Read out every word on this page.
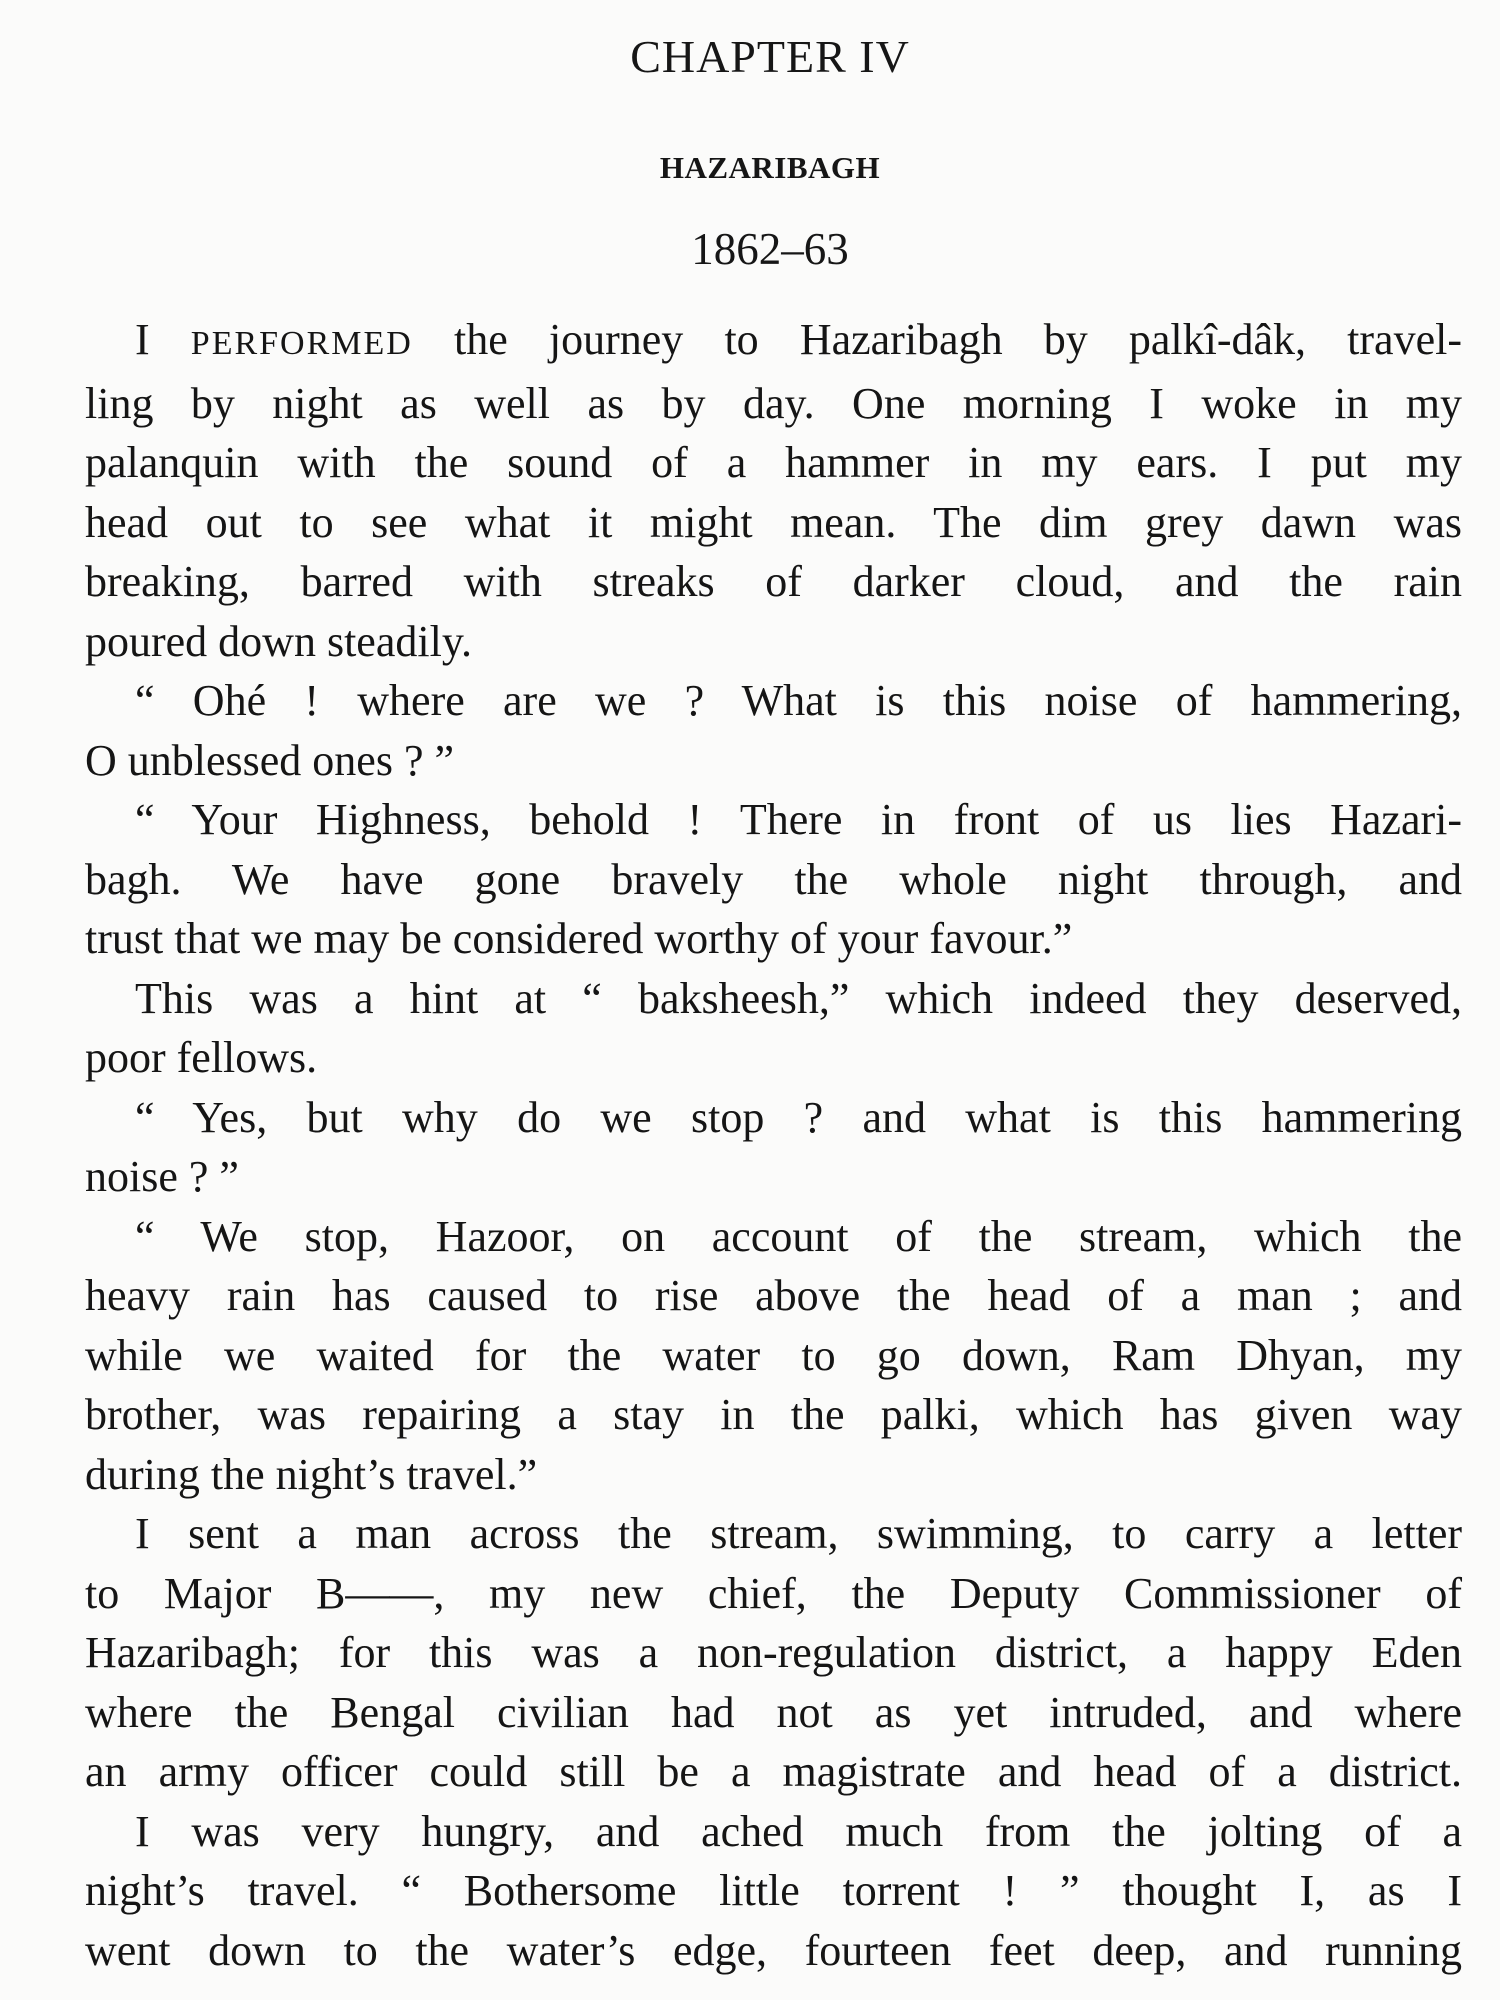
CHAPTER IV
HAZARIBAGH
1862–63
I PERFORMED the journey to Hazaribagh by palkî-dâk, travel-
ling by night as well as by day. One morning I woke in my
palanquin with the sound of a hammer in my ears. I put my
head out to see what it might mean. The dim grey dawn was
breaking, barred with streaks of darker cloud, and the rain
poured down steadily.
“ Ohé ! where are we ? What is this noise of hammering,
O unblessed ones ? ”
“ Your Highness, behold ! There in front of us lies Hazari-
bagh. We have gone bravely the whole night through, and
trust that we may be considered worthy of your favour.”
This was a hint at “ baksheesh,” which indeed they deserved,
poor fellows.
“ Yes, but why do we stop ? and what is this hammering
noise ? ”
“ We stop, Hazoor, on account of the stream, which the
heavy rain has caused to rise above the head of a man ; and
while we waited for the water to go down, Ram Dhyan, my
brother, was repairing a stay in the palki, which has given way
during the night’s travel.”
I sent a man across the stream, swimming, to carry a letter
to Major B——, my new chief, the Deputy Commissioner of
Hazaribagh; for this was a non-regulation district, a happy Eden
where the Bengal civilian had not as yet intruded, and where
an army officer could still be a magistrate and head of a district.
I was very hungry, and ached much from the jolting of a
night’s travel. “ Bothersome little torrent ! ” thought I, as I
went down to the water’s edge, fourteen feet deep, and running
